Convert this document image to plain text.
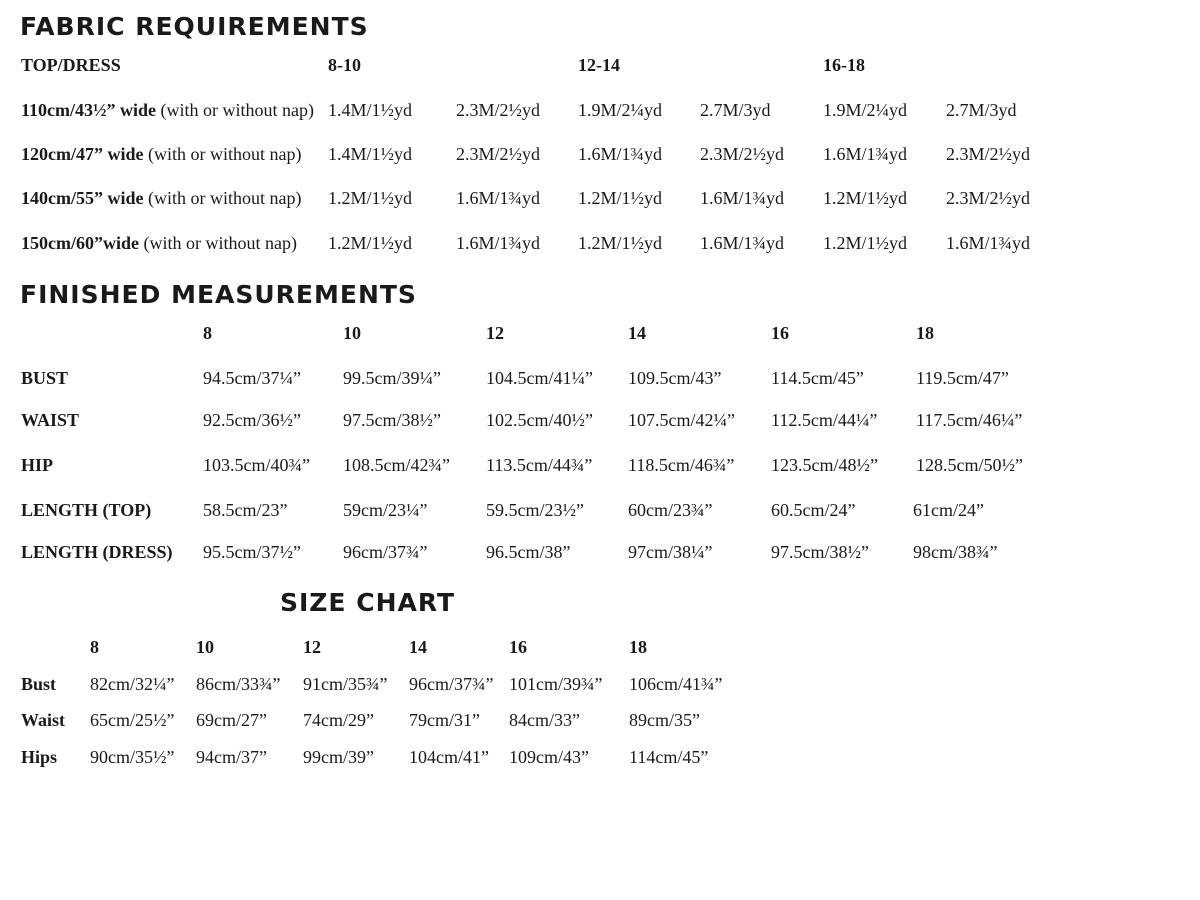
FABRIC REQUIREMENTS
TOP/DRESS	8-10	12-14	16-18
110cm/43½” wide (with or without nap) 1.4M/1½yd 2.3M/2½yd 1.9M/2¼yd 2.7M/3yd	1.9M/2¼yd 2.7M/3yd
120cm/47” wide (with or without nap) 1.4M/1½yd 2.3M/2½yd 1.6M/1¾yd 2.3M/2½yd 1.6M/1¾yd 2.3M/2½yd
140cm/55” wide (with or without nap) 1.2M/1½yd 1.6M/1¾yd 1.2M/1½yd 1.6M/1¾yd 1.2M/1½yd 2.3M/2½yd
150cm/60”wide (with or without nap) 1.2M/1½yd 1.6M/1¾yd 1.2M/1½yd 1.6M/1¾yd 1.2M/1½yd 1.6M/1¾yd
FINISHED MEASUREMENTS
8	10	12	14	16	18
BUST	94.5cm/37¼” 99.5cm/39¼”	104.5cm/41¼” 109.5cm/43”	114.5cm/45”	119.5cm/47”
WAIST	92.5cm/36½” 97.5cm/38½”	102.5cm/40½” 107.5cm/42¼” 112.5cm/44¼” 117.5cm/46¼”
HIP	103.5cm/40¾” 108.5cm/42¾” 113.5cm/44¾” 118.5cm/46¾” 123.5cm/48½” 128.5cm/50½”
LENGTH (TOP)	58.5cm/23”	59cm/23¼”	59.5cm/23½” 60cm/23¾”	60.5cm/24”	61cm/24”
LENGTH (DRESS) 95.5cm/37½” 96cm/37¾”	96.5cm/38”	97cm/38¼”	97.5cm/38½” 98cm/38¾”
SIZE CHART
8	10	12	14	16	18
Bust 82cm/32¼” 86cm/33¾” 91cm/35¾” 96cm/37¾” 101cm/39¾” 106cm/41¾”
Waist 65cm/25½” 69cm/27” 74cm/29” 79cm/31” 84cm/33”	89cm/35”
Hips 90cm/35½” 94cm/37” 99cm/39” 104cm/41” 109cm/43” 114cm/45”
